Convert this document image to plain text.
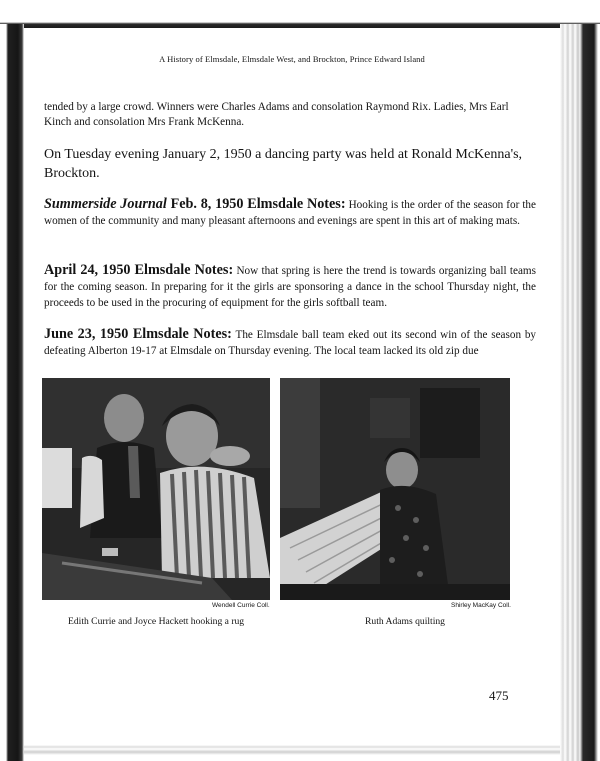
A History of Elmsdale, Elmsdale West, and Brockton, Prince Edward Island

tended by a large crowd. Winners were Charles Adams and consolation Raymond Rix. Ladies, Mrs Earl Kinch and consolation Mrs Frank McKenna.

On Tuesday evening January 2, 1950 a dancing party was held at Ronald McKenna's, Brockton.

Summerside Journal Feb. 8, 1950 Elmsdale Notes: Hooking is the order of the season for the women of the community and many pleasant afternoons and evenings are spent in this art of making mats.

April 24, 1950 Elmsdale Notes: Now that spring is here the trend is towards organizing ball teams for the coming season. In preparing for it the girls are sponsoring a dance in the school Thursday night, the proceeds to be used in the procuring of equipment for the girls softball team.

June 23, 1950 Elmsdale Notes: The Elmsdale ball team eked out its second win of the season by defeating Alberton 19-17 at Elmsdale on Thursday evening. The local team lacked its old zip due

Wendell Currie Coll.	Shirley MacKay Coll.
Edith Currie and Joyce Hackett hooking a rug	Ruth Adams quilting
475
